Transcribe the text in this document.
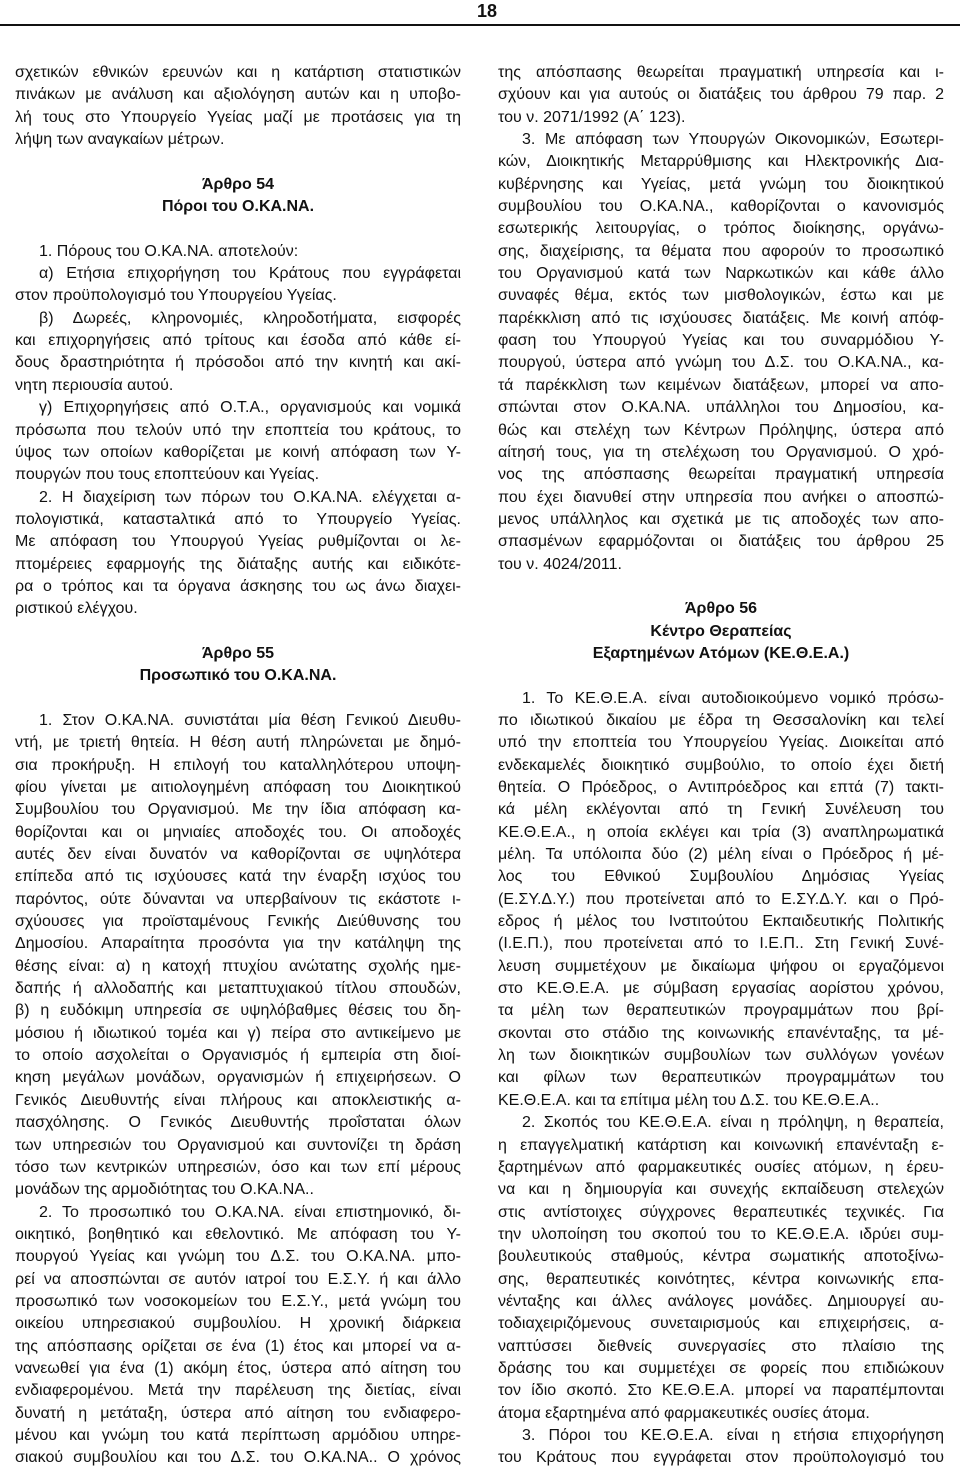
18
σχετικών εθνικών ερευνών και η κατάρτιση στατιστικών
πινάκων με ανάλυση και αξιολόγηση αυτών και η υποβο-
λή τους στο Υπουργείο Υγείας μαζί με προτάσεις για τη
λήψη των αναγκαίων μέτρων.
Άρθρο 54
Πόροι του Ο.ΚΑ.ΝΑ.
1. Πόρους του Ο.ΚΑ.ΝΑ. αποτελούν:
α) Ετήσια επιχορήγηση του Κράτους που εγγράφεται
στον προϋπολογισμό του Υπουργείου Υγείας.
β) Δωρεές, κληρονομιές, κληροδοτήματα, εισφορές
και επιχορηγήσεις από τρίτους και έσοδα από κάθε εί-
δους δραστηριότητα ή πρόσοδοι από την κινητή και ακί-
νητη περιουσία αυτού.
γ) Επιχορηγήσεις από Ο.Τ.Α., οργανισμούς και νομικά
πρόσωπα που τελούν υπό την εποπτεία του κράτους, το
ύψος των οποίων καθορίζεται με κοινή απόφαση των Υ-
πουργών που τους εποπτεύουν και Υγείας.
2. Η διαχείριση των πόρων του Ο.ΚΑ.ΝΑ. ελέγχεται α-
πολογιστικά, καταστaλτικά από το Υπουργείο Υγείας.
Με απόφαση του Υπουργού Υγείας ρυθμίζονται οι λε-
πτομέρειες εφαρμογής της διάταξης αυτής και ειδικότε-
ρα ο τρόπος και τα όργανα άσκησης του ως άνω διαχει-
ριστικού ελέγχου.
Άρθρο 55
Προσωπικό του Ο.ΚΑ.ΝΑ.
1. Στον Ο.ΚΑ.ΝΑ. συνιστάται μία θέση Γενικού Διευθυ-
ντή, με τριετή θητεία. Η θέση αυτή πληρώνεται με δημό-
σια προκήρυξη. Η επιλογή του καταλληλότερου υποψη-
φίου γίνεται με αιτιολογημένη απόφαση του Διοικητικού
Συμβουλίου του Οργανισμού. Με την ίδια απόφαση κα-
θορίζονται και οι μηνιαίες αποδοχές του. Οι αποδοχές
αυτές δεν είναι δυνατόν να καθορίζονται σε υψηλότερα
επίπεδα από τις ισχύουσες κατά την έναρξη ισχύος του
παρόντος, ούτε δύνανται να υπερβαίνουν τις εκάστοτε ι-
σχύουσες για προϊσταμένους Γενικής Διεύθυνσης του
Δημοσίου. Απαραίτητα προσόντα για την κατάληψη της
θέσης είναι: α) η κατοχή πτυχίου ανώτατης σχολής ημε-
δαπής ή αλλοδαπής και μεταπτυχιακού τίτλου σπουδών,
β) η ευδόκιμη υπηρεσία σε υψηλόβαθμες θέσεις του δη-
μόσιου ή ιδιωτικού τομέα και γ) πείρα στο αντικείμενο με
το οποίο ασχολείται ο Οργανισμός ή εμπειρία στη διοί-
κηση μεγάλων μονάδων, οργανισμών ή επιχειρήσεων. Ο
Γενικός Διευθυντής είναι πλήρους και αποκλειστικής α-
πασχόλησης. Ο Γενικός Διευθυντής προΐσταται όλων
των υπηρεσιών του Οργανισμού και συντονίζει τη δράση
τόσο των κεντρικών υπηρεσιών, όσο και των επί μέρους
μονάδων της αρμοδιότητας του Ο.ΚΑ.ΝΑ..
2. Το προσωπικό του Ο.ΚΑ.ΝΑ. είναι επιστημονικό, δι-
οικητικό, βοηθητικό και εθελοντικό. Με απόφαση του Υ-
πουργού Υγείας και γνώμη του Δ.Σ. του Ο.ΚΑ.ΝΑ. μπο-
ρεί να αποσπώνται σε αυτόν ιατροί του Ε.Σ.Υ. ή και άλλο
προσωπικό των νοσοκομείων του Ε.Σ.Υ., μετά γνώμη του
οικείου υπηρεσιακού συμβουλίου. Η χρονική διάρκεια
της απόσπασης ορίζεται σε ένα (1) έτος και μπορεί να α-
νανεωθεί για ένα (1) ακόμη έτος, ύστερα από αίτηση του
ενδιαφερομένου. Μετά την παρέλευση της διετίας, είναι
δυνατή η μετάταξη, ύστερα από αίτηση του ενδιαφερο-
μένου και γνώμη του κατά περίπτωση αρμόδιου υπηρε-
σιακού συμβουλίου και του Δ.Σ. του Ο.ΚΑ.ΝΑ.. Ο χρόνος
της απόσπασης θεωρείται πραγματική υπηρεσία και ι-
σχύουν και για αυτούς οι διατάξεις του άρθρου 79 παρ. 2
του ν. 2071/1992 (Α΄ 123).
3. Με απόφαση των Υπουργών Οικονομικών, Εσωτερι-
κών, Διοικητικής Μεταρρύθμισης και Ηλεκτρονικής Δια-
κυβέρνησης και Υγείας, μετά γνώμη του διοικητικού
συμβουλίου του Ο.ΚΑ.ΝΑ., καθορίζονται ο κανονισμός
εσωτερικής λειτουργίας, ο τρόπος διοίκησης, οργάνω-
σης, διαχείρισης, τα θέματα που αφορούν το προσωπικό
του Οργανισμού κατά των Ναρκωτικών και κάθε άλλο
συναφές θέμα, εκτός των μισθολογικών, έστω και με
παρέκκλιση από τις ισχύουσες διατάξεις. Με κοινή απόφ-
φαση του Υπουργού Υγείας και του συναρμόδιου Υ-
πουργού, ύστερα από γνώμη του Δ.Σ. του Ο.ΚΑ.ΝΑ., κα-
τά παρέκκλιση των κειμένων διατάξεων, μπορεί να απο-
σπώνται στον Ο.ΚΑ.ΝΑ. υπάλληλοι του Δημοσίου, κα-
θώς και στελέχη των Κέντρων Πρόληψης, ύστερα από
αίτησή τους, για τη στελέχωση του Οργανισμού. Ο χρό-
νος της απόσπασης θεωρείται πραγματική υπηρεσία
που έχει διανυθεί στην υπηρεσία που ανήκει ο αποσπώ-
μενος υπάλληλος και σχετικά με τις αποδοχές των απο-
σπασμένων εφαρμόζονται οι διατάξεις του άρθρου 25
του ν. 4024/2011.
Άρθρο 56
Κέντρο Θεραπείας
Εξαρτημένων Ατόμων (ΚΕ.Θ.Ε.Α.)
1. Το ΚΕ.Θ.Ε.Α. είναι αυτοδιοικούμενο νομικό πρόσω-
πο ιδιωτικού δικαίου με έδρα τη Θεσσαλονίκη και τελεί
υπό την εποπτεία του Υπουργείου Υγείας. Διοικείται από
ενδεκαμελές διοικητικό συμβούλιο, το οποίο έχει διετή
θητεία. Ο Πρόεδρος, ο Αντιπρόεδρος και επτά (7) τακτι-
κά μέλη εκλέγονται από τη Γενική Συνέλευση του
ΚΕ.Θ.Ε.Α., η οποία εκλέγει και τρία (3) αναπληρωματικά
μέλη. Τα υπόλοιπα δύο (2) μέλη είναι ο Πρόεδρος ή μέ-
λος του Εθνικού Συμβουλίου Δημόσιας Υγείας
(Ε.ΣΥ.Δ.Υ.) που προτείνεται από το Ε.ΣΥ.Δ.Υ. και ο Πρό-
εδρος ή μέλος του Ινστιτούτου Εκπαιδευτικής Πολιτικής
(Ι.Ε.Π.), που προτείνεται από το Ι.Ε.Π.. Στη Γενική Συνέ-
λευση συμμετέχουν με δικαίωμα ψήφου οι εργαζόμενοι
στο ΚΕ.Θ.Ε.Α. με σύμβαση εργασίας αορίστου χρόνου,
τα μέλη των θεραπευτικών προγραμμάτων που βρί-
σκονται στο στάδιο της κοινωνικής επανένταξης, τα μέ-
λη των διοικητικών συμβουλίων των συλλόγων γονέων
και φίλων των θεραπευτικών προγραμμάτων του
ΚΕ.Θ.Ε.Α. και τα επίτιμα μέλη του Δ.Σ. του ΚΕ.Θ.Ε.Α..
2. Σκοπός του ΚΕ.Θ.Ε.Α. είναι η πρόληψη, η θεραπεία,
η επαγγελματική κατάρτιση και κοινωνική επανένταξη ε-
ξαρτημένων από φαρμακευτικές ουσίες ατόμων, η έρευ-
να και η δημιουργία και συνεχής εκπαίδευση στελεχών
στις αντίστοιχες σύγχρονες θεραπευτικές τεχνικές. Για
την υλοποίηση του σκοπού του το ΚΕ.Θ.Ε.Α. ιδρύει συμ-
βουλευτικούς σταθμούς, κέντρα σωματικής αποτοξίνω-
σης, θεραπευτικές κοινότητες, κέντρα κοινωνικής επα-
νένταξης και άλλες ανάλογες μονάδες. Δημιουργεί αυ-
τοδιαχειριζόμενους συνεταιρισμούς και επιχειρήσεις, α-
ναπτύσσει διεθνείς συνεργασίες στο πλαίσιο της
δράσης του και συμμετέχει σε φορείς που επιδιώκουν
τον ίδιο σκοπό. Στο ΚΕ.Θ.Ε.Α. μπορεί να παραπέμπονται
άτομα εξαρτημένα από φαρμακευτικές ουσίες άτομα.
3. Πόροι του ΚΕ.Θ.Ε.Α. είναι η ετήσια επιχορήγηση
του Κράτους που εγγράφεται στον προϋπολογισμό του
